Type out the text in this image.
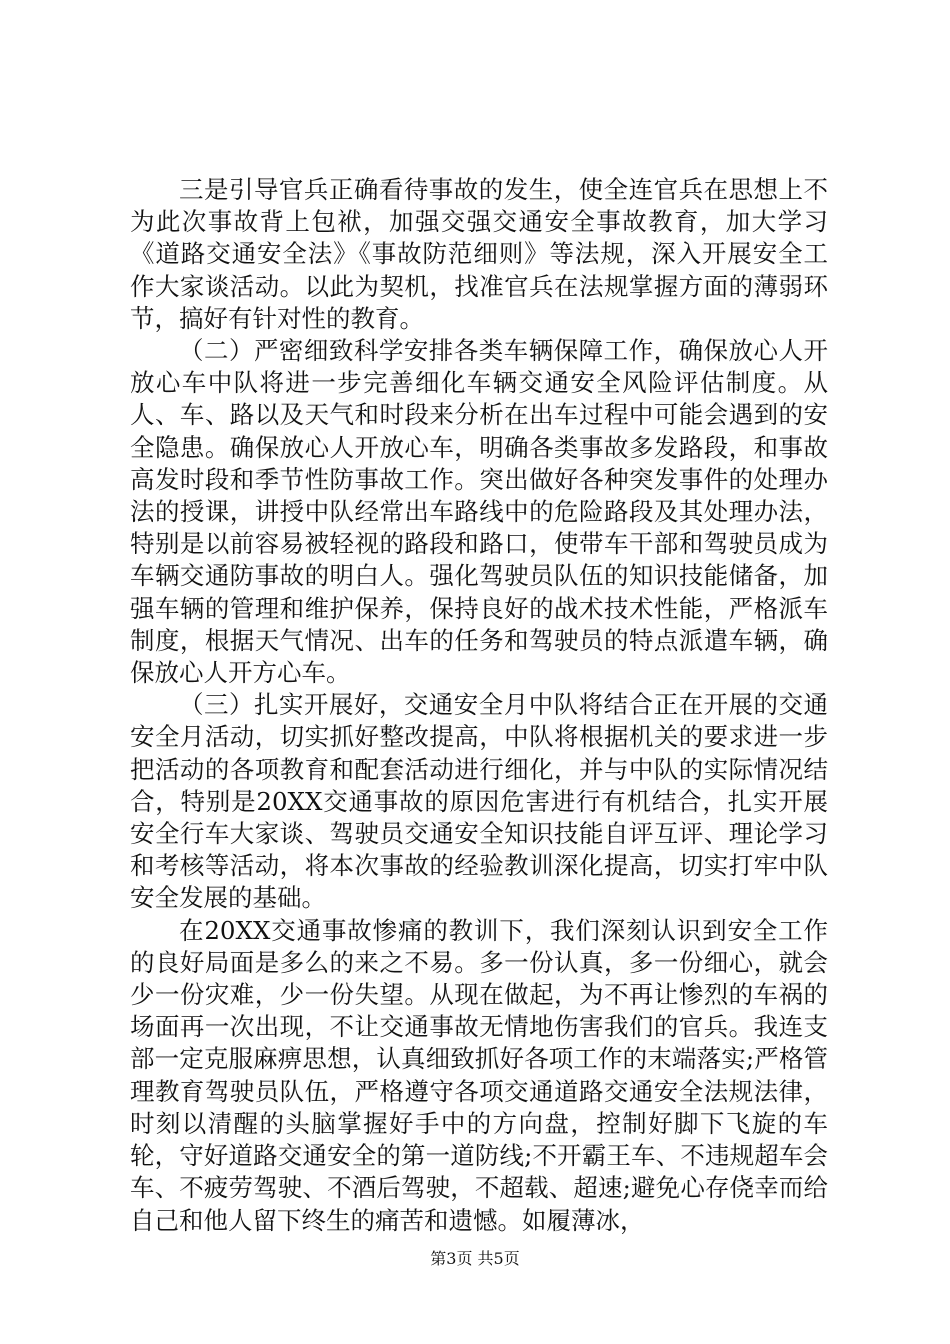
三是引导官兵正确看待事故的发生，使全连官兵在思想上不为此次事故背上包袱，加强交强交通安全事故教育，加大学习《道路交通安全法》《事故防范细则》等法规，深入开展安全工作大家谈活动。以此为契机，找准官兵在法规掌握方面的薄弱环节，搞好有针对性的教育。

（二）严密细致科学安排各类车辆保障工作，确保放心人开放心车中队将进一步完善细化车辆交通安全风险评估制度。从人、车、路以及天气和时段来分析在出车过程中可能会遇到的安全隐患。确保放心人开放心车，明确各类事故多发路段，和事故高发时段和季节性防事故工作。突出做好各种突发事件的处理办法的授课，讲授中队经常出车路线中的危险路段及其处理办法，特别是以前容易被轻视的路段和路口，使带车干部和驾驶员成为车辆交通防事故的明白人。强化驾驶员队伍的知识技能储备，加强车辆的管理和维护保养，保持良好的战术技术性能，严格派车制度，根据天气情况、出车的任务和驾驶员的特点派遣车辆，确保放心人开方心车。

（三）扎实开展好，交通安全月中队将结合正在开展的交通安全月活动，切实抓好整改提高，中队将根据机关的要求进一步把活动的各项教育和配套活动进行细化，并与中队的实际情况结合，特别是20XX交通事故的原因危害进行有机结合，扎实开展安全行车大家谈、驾驶员交通安全知识技能自评互评、理论学习和考核等活动，将本次事故的经验教训深化提高，切实打牢中队安全发展的基础。

在20XX交通事故惨痛的教训下，我们深刻认识到安全工作的良好局面是多么的来之不易。多一份认真，多一份细心，就会少一份灾难，少一份失望。从现在做起，为不再让惨烈的车祸的场面再一次出现，不让交通事故无情地伤害我们的官兵。我连支部一定克服麻痹思想，认真细致抓好各项工作的末端落实;严格管理教育驾驶员队伍，严格遵守各项交通道路交通安全法规法律，时刻以清醒的头脑掌握好手中的方向盘，控制好脚下飞旋的车轮，守好道路交通安全的第一道防线;不开霸王车、不违规超车会车、不疲劳驾驶、不酒后驾驶，不超载、超速;避免心存侥幸而给自己和他人留下终生的痛苦和遗憾。如履薄冰，

第3页 共5页
